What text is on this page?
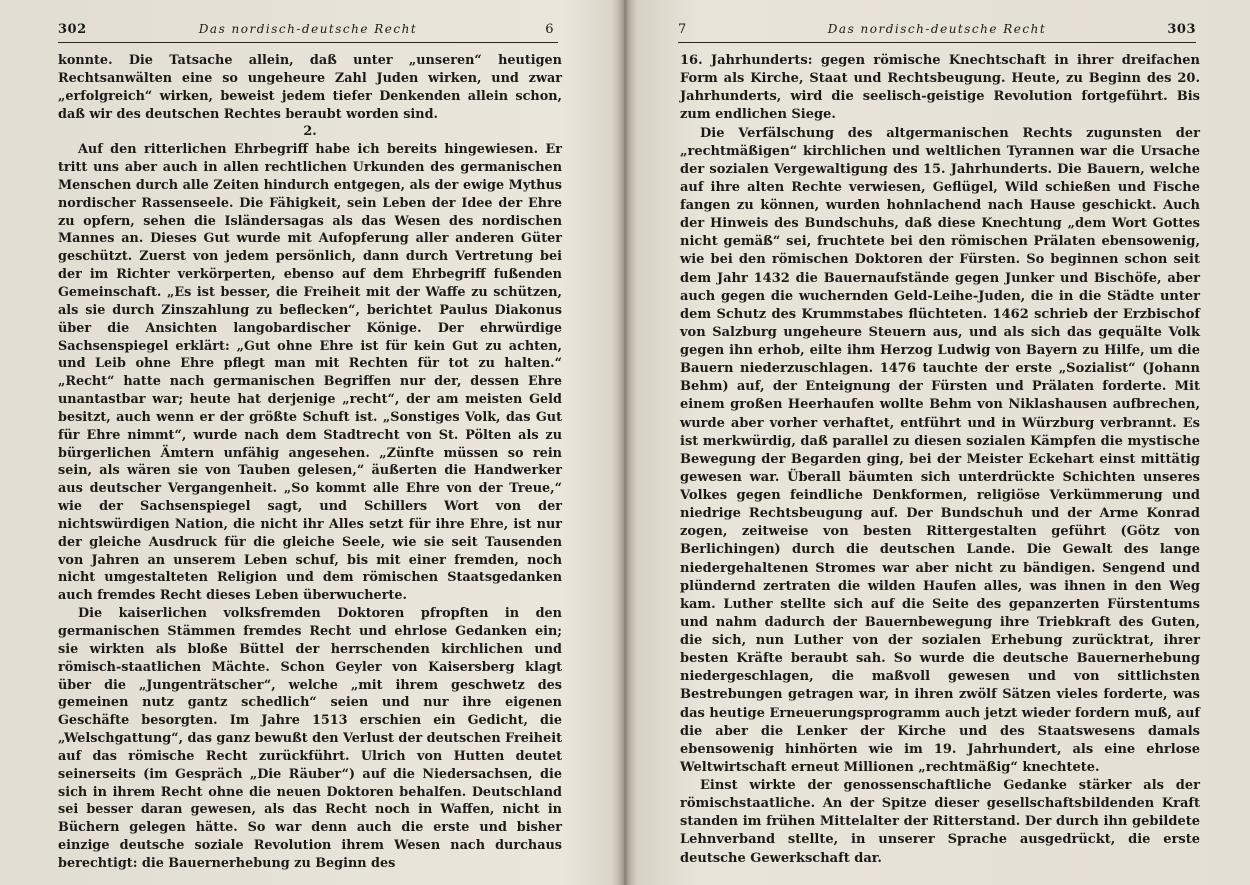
302	Das nordisch-deutsche Recht	6

konnte. Die Tatsache allein, daß unter „unseren“ heutigen Rechtsanwälten eine so ungeheure Zahl Juden wirken, und zwar „erfolgreich“ wirken, beweist jedem tiefer Denkenden allein schon, daß wir des deutschen Rechtes beraubt worden sind.

2.

Auf den ritterlichen Ehrbegriff habe ich bereits hingewiesen. Er tritt uns aber auch in allen rechtlichen Urkunden des germanischen Menschen durch alle Zeiten hindurch entgegen, als der ewige Mythus nordischer Rassenseele. Die Fähigkeit, sein Leben der Idee der Ehre zu opfern, sehen die Isländersagas als das Wesen des nordischen Mannes an. Dieses Gut wurde mit Aufopferung aller anderen Güter geschützt. Zuerst von jedem persönlich, dann durch Vertretung bei der im Richter verkörperten, ebenso auf dem Ehrbegriff fußenden Gemeinschaft. „Es ist besser, die Freiheit mit der Waffe zu schützen, als sie durch Zinszahlung zu beflecken“, berichtet Paulus Diakonus über die Ansichten langobardischer Könige. Der ehrwürdige Sachsenspiegel erklärt: „Gut ohne Ehre ist für kein Gut zu achten, und Leib ohne Ehre pflegt man mit Rechten für tot zu halten.“ „Recht“ hatte nach germanischen Begriffen nur der, dessen Ehre unantastbar war; heute hat derjenige „recht“, der am meisten Geld besitzt, auch wenn er der größte Schuft ist. „Sonstiges Volk, das Gut für Ehre nimmt“, wurde nach dem Stadtrecht von St. Pölten als zu bürgerlichen Ämtern unfähig angesehen. „Zünfte müssen so rein sein, als wären sie von Tauben gelesen,“ äußerten die Handwerker aus deutscher Vergangenheit. „So kommt alle Ehre von der Treue,“ wie der Sachsenspiegel sagt, und Schillers Wort von der nichtswürdigen Nation, die nicht ihr Alles setzt für ihre Ehre, ist nur der gleiche Ausdruck für die gleiche Seele, wie sie seit Tausenden von Jahren an unserem Leben schuf, bis mit einer fremden, noch nicht umgestalteten Religion und dem römischen Staatsgedanken auch fremdes Recht dieses Leben überwucherte.

Die kaiserlichen volksfremden Doktoren pfropften in den germanischen Stämmen fremdes Recht und ehrlose Gedanken ein; sie wirkten als bloße Büttel der herrschenden kirchlichen und römisch-staatlichen Mächte. Schon Geyler von Kaisersberg klagt über die „Jungenträtscher“, welche „mit ihrem geschwetz des gemeinen nutz gantz schedlich“ seien und nur ihre eigenen Geschäfte besorgten. Im Jahre 1513 erschien ein Gedicht, die „Welschgattung“, das ganz bewußt den Verlust der deutschen Freiheit auf das römische Recht zurückführt. Ulrich von Hutten deutet seinerseits (im Gespräch „Die Räuber“) auf die Niedersachsen, die sich in ihrem Recht ohne die neuen Doktoren behalfen. Deutschland sei besser daran gewesen, als das Recht noch in Waffen, nicht in Büchern gelegen hätte. So war denn auch die erste und bisher einzige deutsche soziale Revolution ihrem Wesen nach durchaus berechtigt: die Bauernerhebung zu Beginn des

7	Das nordisch-deutsche Recht	303

16. Jahrhunderts: gegen römische Knechtschaft in ihrer dreifachen Form als Kirche, Staat und Rechtsbeugung. Heute, zu Beginn des 20. Jahrhunderts, wird die seelisch-geistige Revolution fortgeführt. Bis zum endlichen Siege.

Die Verfälschung des altgermanischen Rechts zugunsten der „rechtmäßigen“ kirchlichen und weltlichen Tyrannen war die Ursache der sozialen Vergewaltigung des 15. Jahrhunderts. Die Bauern, welche auf ihre alten Rechte verwiesen, Geflügel, Wild schießen und Fische fangen zu können, wurden hohnlachend nach Hause geschickt. Auch der Hinweis des Bundschuhs, daß diese Knechtung „dem Wort Gottes nicht gemäß“ sei, fruchtete bei den römischen Prälaten ebensowenig, wie bei den römischen Doktoren der Fürsten. So beginnen schon seit dem Jahr 1432 die Bauernaufstände gegen Junker und Bischöfe, aber auch gegen die wuchernden Geld-Leihe-Juden, die in die Städte unter dem Schutz des Krummstabes flüchteten. 1462 schrieb der Erzbischof von Salzburg ungeheure Steuern aus, und als sich das gequälte Volk gegen ihn erhob, eilte ihm Herzog Ludwig von Bayern zu Hilfe, um die Bauern niederzuschlagen. 1476 tauchte der erste „Sozialist“ (Johann Behm) auf, der Enteignung der Fürsten und Prälaten forderte. Mit einem großen Heerhaufen wollte Behm von Niklashausen aufbrechen, wurde aber vorher verhaftet, entführt und in Würzburg verbrannt. Es ist merkwürdig, daß parallel zu diesen sozialen Kämpfen die mystische Bewegung der Begarden ging, bei der Meister Eckehart einst mittätig gewesen war. Überall bäumten sich unterdrückte Schichten unseres Volkes gegen feindliche Denkformen, religiöse Verkümmerung und niedrige Rechtsbeugung auf. Der Bundschuh und der Arme Konrad zogen, zeitweise von besten Rittergestalten geführt (Götz von Berlichingen) durch die deutschen Lande. Die Gewalt des lange niedergehaltenen Stromes war aber nicht zu bändigen. Sengend und plündernd zertraten die wilden Haufen alles, was ihnen in den Weg kam. Luther stellte sich auf die Seite des gepanzerten Fürstentums und nahm dadurch der Bauernbewegung ihre Triebkraft des Guten, die sich, nun Luther von der sozialen Erhebung zurücktrat, ihrer besten Kräfte beraubt sah. So wurde die deutsche Bauernerhebung niedergeschlagen, die maßvoll gewesen und von sittlichsten Bestrebungen getragen war, in ihren zwölf Sätzen vieles forderte, was das heutige Erneuerungsprogramm auch jetzt wieder fordern muß, auf die aber die Lenker der Kirche und des Staatswesens damals ebensowenig hinhörten wie im 19. Jahrhundert, als eine ehrlose Weltwirtschaft erneut Millionen „rechtmäßig“ knechtete.

Einst wirkte der genossenschaftliche Gedanke stärker als der römischstaatliche. An der Spitze dieser gesellschaftsbildenden Kraft standen im frühen Mittelalter der Ritterstand. Der durch ihn gebildete Lehnverband stellte, in unserer Sprache ausgedrückt, die erste deutsche Gewerkschaft dar.
